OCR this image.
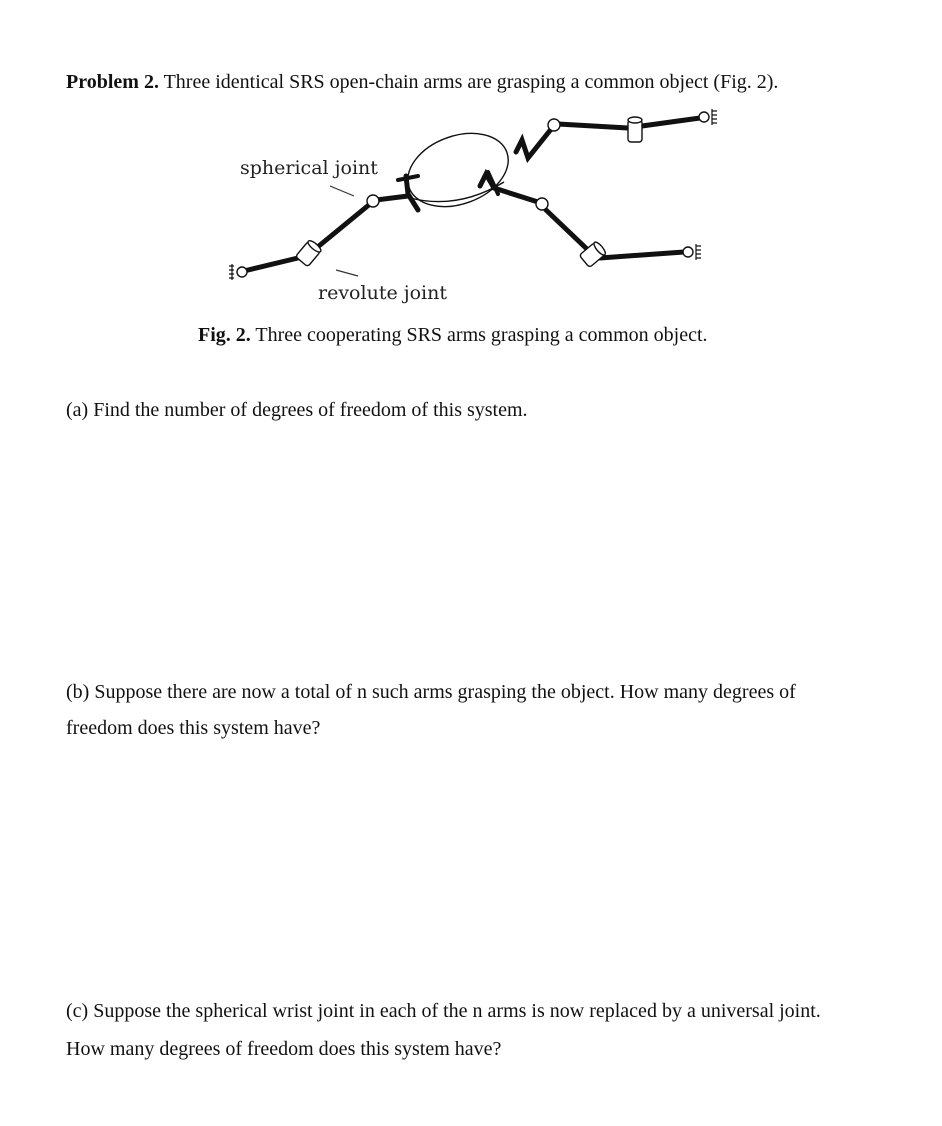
Problem 2. Three identical SRS open-chain arms are grasping a common object (Fig. 2).
spherical joint
revolute joint
Fig. 2. Three cooperating SRS arms grasping a common object.
(a) Find the number of degrees of freedom of this system.
(b) Suppose there are now a total of n such arms grasping the object. How many degrees of
freedom does this system have?
(c) Suppose the spherical wrist joint in each of the n arms is now replaced by a universal joint.
How many degrees of freedom does this system have?
